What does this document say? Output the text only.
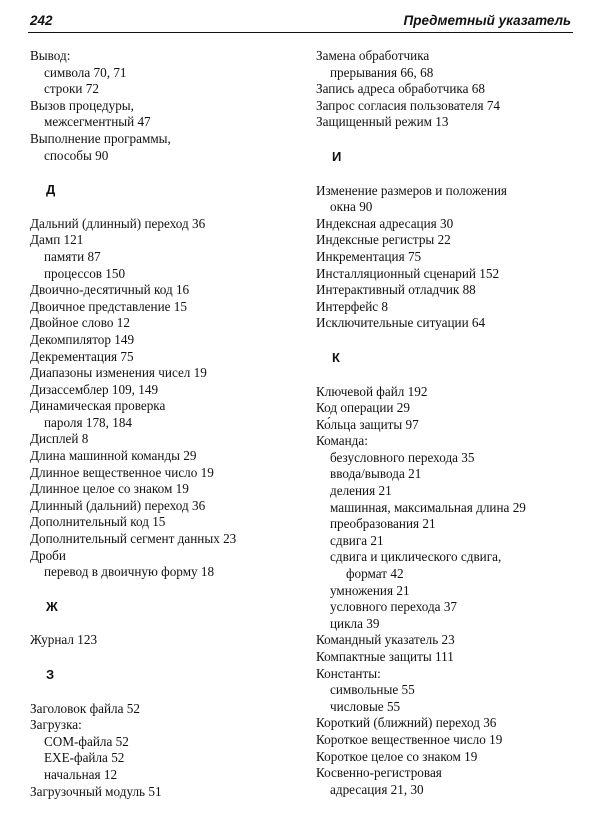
242	Предметный указатель
Вывод:
символа 70, 71
строки 72
Вызов процедуры,
межсегментный 47
Выполнение программы,
способы 90
Д
Дальний (длинный) переход 36
Дамп 121
памяти 87
процессов 150
Двоично-десятичный код 16
Двоичное представление 15
Двойное слово 12
Декомпилятор 149
Декрементация 75
Диапазоны изменения чисел 19
Дизассемблер 109, 149
Динамическая проверка
пароля 178, 184
Дисплей 8
Длина машинной команды 29
Длинное вещественное число 19
Длинное целое со знаком 19
Длинный (дальний) переход 36
Дополнительный код 15
Дополнительный сегмент данных 23
Дроби
перевод в двоичную форму 18
Ж
Журнал 123
З
Заголовок файла 52
Загрузка:
COM-файла 52
EXE-файла 52
начальная 12
Загрузочный модуль 51
Замена обработчика
прерывания 66, 68
Запись адреса обработчика 68
Запрос согласия пользователя 74
Защищенный режим 13
И
Изменение размеров и положения
окна 90
Индексная адресация 30
Индексные регистры 22
Инкрементация 75
Инсталляционный сценарий 152
Интерактивный отладчик 88
Интерфейс 8
Исключительные ситуации 64
К
Ключевой файл 192
Код операции 29
Ко́льца защиты 97
Команда:
безусловного перехода 35
ввода/вывода 21
деления 21
машинная, максимальная длина 29
преобразования 21
сдвига 21
сдвига и циклического сдвига,
формат 42
умножения 21
условного перехода 37
цикла 39
Командный указатель 23
Компактные защиты 111
Константы:
символьные 55
числовые 55
Короткий (ближний) переход 36
Короткое вещественное число 19
Короткое целое со знаком 19
Косвенно-регистровая
адресация 21, 30
